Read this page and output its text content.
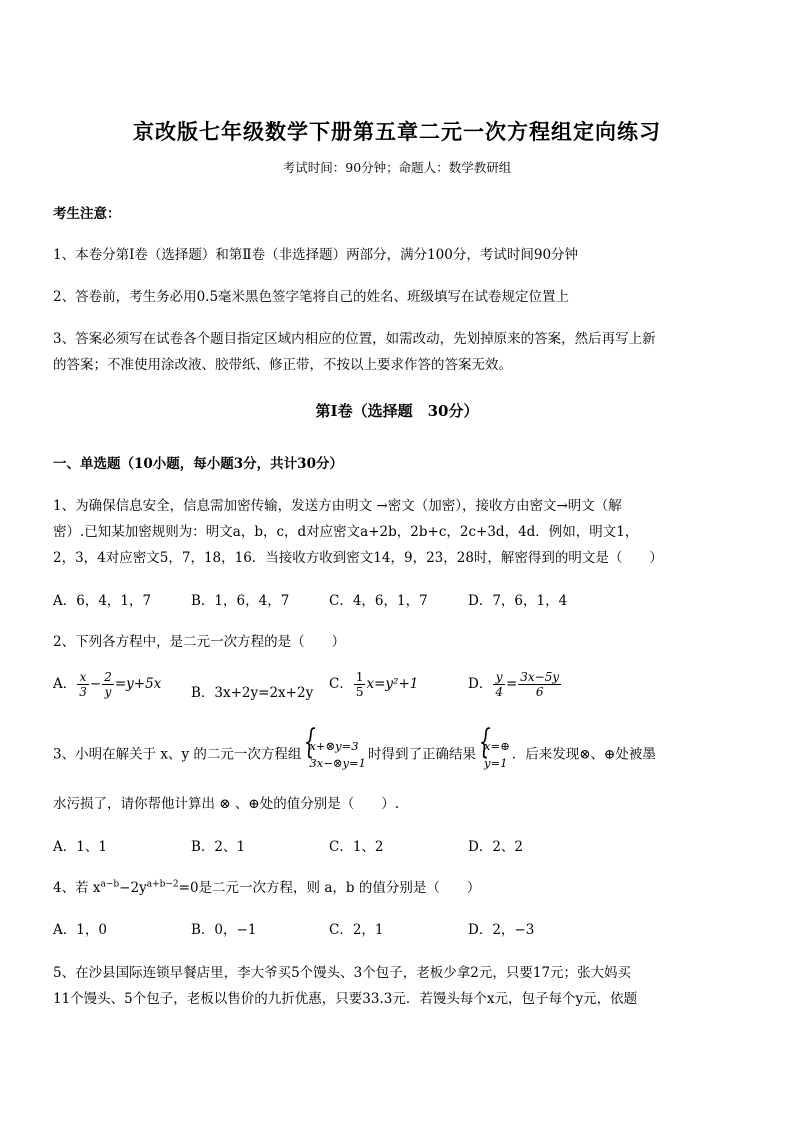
京改版七年级数学下册第五章二元一次方程组定向练习
考试时间：90分钟；命题人：数学教研组
考生注意：
1、本卷分第Ⅰ卷（选择题）和第Ⅱ卷（非选择题）两部分，满分100分，考试时间90分钟
2、答卷前，考生务必用0.5毫米黑色签字笔将自己的姓名、班级填写在试卷规定位置上
3、答案必须写在试卷各个题目指定区域内相应的位置，如需改动，先划掉原来的答案，然后再写上新
的答案；不准使用涂改液、胶带纸、修正带，不按以上要求作答的答案无效。
第Ⅰ卷（选择题　30分）
一、单选题（10小题，每小题3分，共计30分）
1、为确保信息安全，信息需加密传输，发送方由明文 →密文（加密），接收方由密文→明文（解
密）.已知某加密规则为：明文a，b，c，d对应密文a+2b，2b+c，2c+3d，4d．例如，明文1，
2，3，4对应密文5，7，18，16．当接收方收到密文14，9，23，28时，解密得到的明文是（　　）
A．6，4，1，7	B．1，6，4，7	C．4，6，1，7	D．7，6，1，4
2、下列各方程中，是二元一次方程的是（　　）
A． $\frac{x}{3} - \frac{2}{y} =y+5x$
B．3x+2y=2x+2y
C． $\frac{1}{5} x=y^2+1$	D． $\frac{y}{4} = \frac{3x-5y}{6}$
3、小明在解关于 x、y 的二元一次方程组
{ x+⊗y=3
3x−⊗y=1
时得到了正确结果
{ x=⊕
y=1
．后来发现⊗、⊕处被墨
水污损了，请你帮他计算出 ⊗ 、⊕处的值分别是（　　）.
A．1、1	B．2、1	C．1、2	D．2、2
4、若 $x^{a-b}-2y^{a+b-2}=0$是二元一次方程，则 a，b 的值分别是（　　）
A．1，0	B．0，−1	C．2，1	D．2，−3
5、在沙县国际连锁早餐店里，李大爷买5个馒头、3个包子，老板少拿2元，只要17元；张大妈买
11个馒头、5个包子，老板以售价的九折优惠，只要33.3元．若馒头每个x元，包子每个y元，依题
